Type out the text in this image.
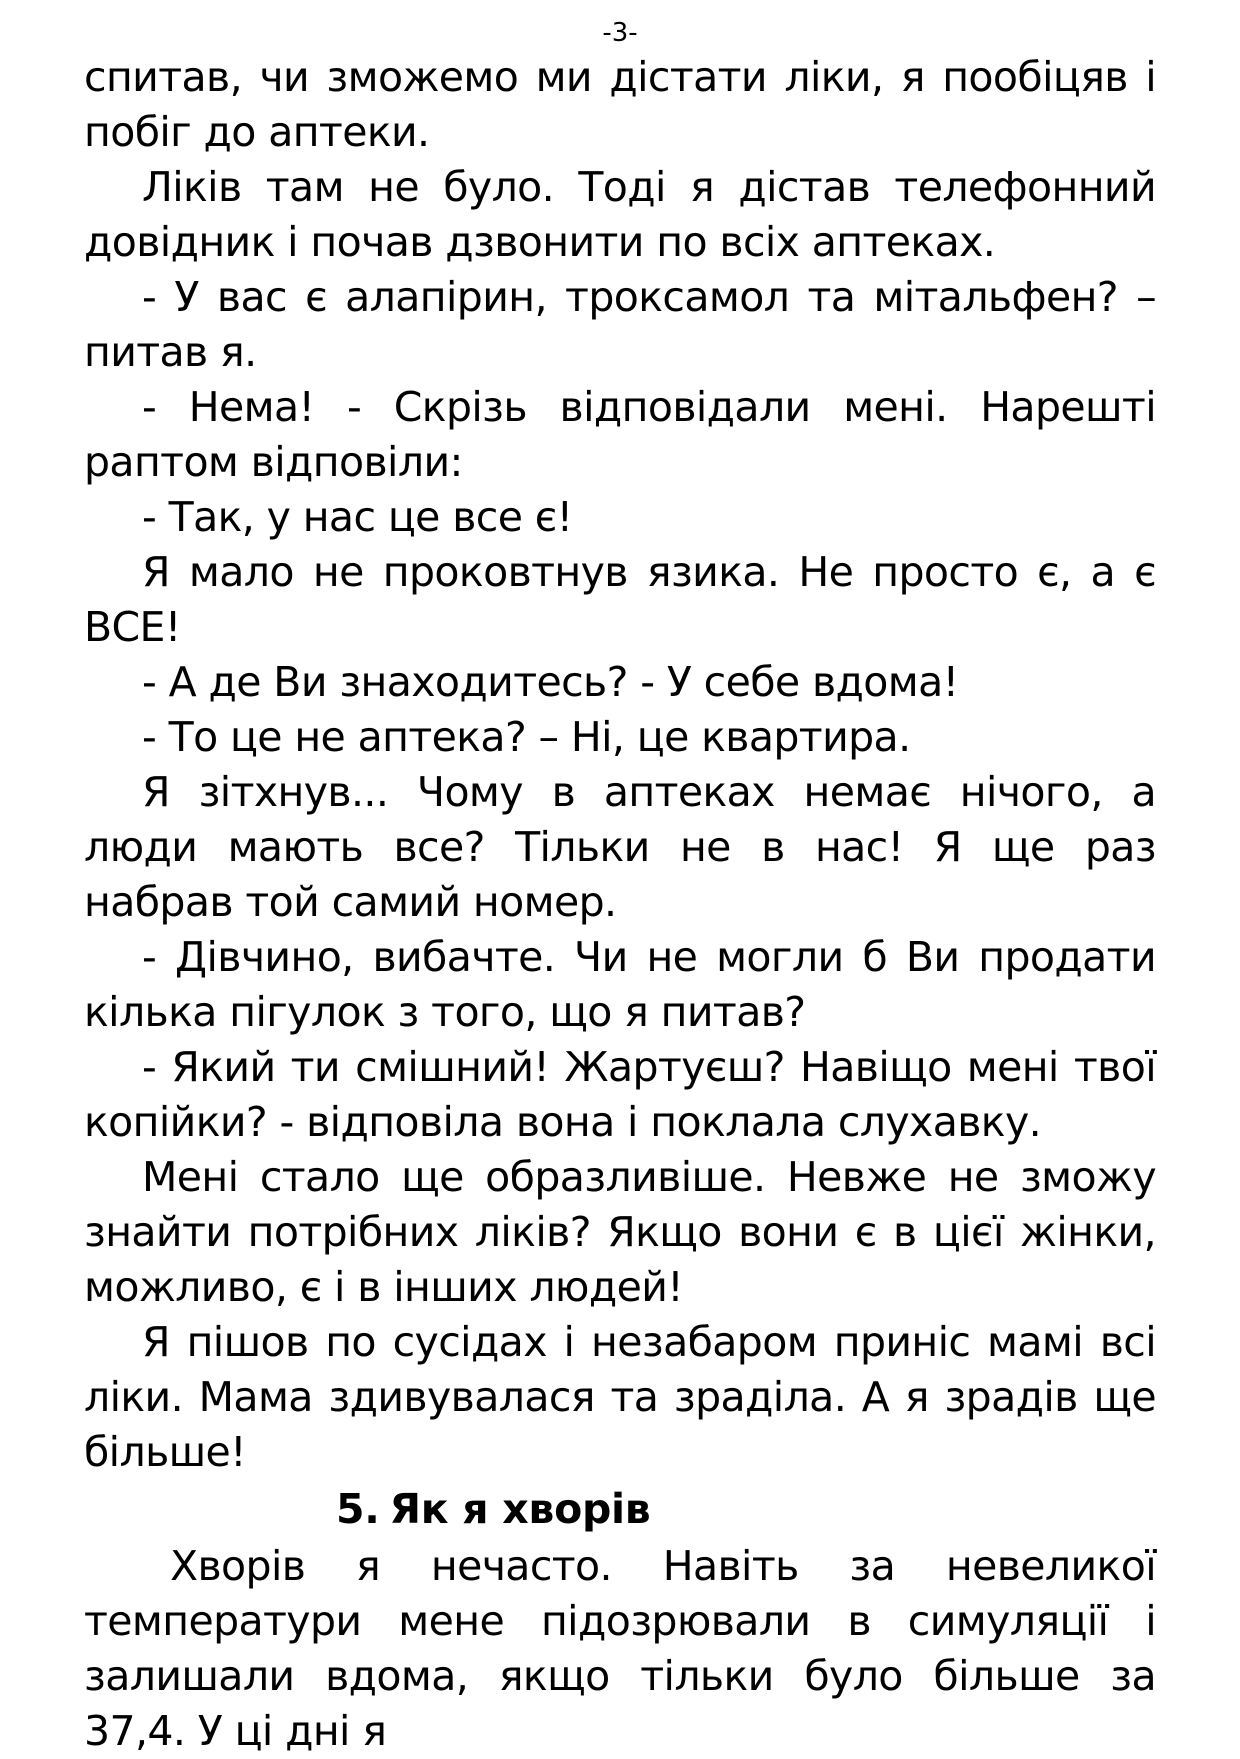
-3-

спитав, чи зможемо ми дістати ліки, я пообіцяв і побіг до аптеки.

Ліків там не було. Тоді я дістав телефонний довідник і почав дзвонити по всіх аптеках.

- У вас є алапірин, троксамол та мітальфен? – питав я.

- Нема! - Скрізь відповідали мені. Нарешті раптом відповіли:

- Так, у нас це все є!

Я мало не проковтнув язика. Не просто є, а є ВСЕ!

- А де Ви знаходитесь? - У себе вдома!

- То це не аптека? – Ні, це квартира.

Я зітхнув... Чому в аптеках немає нічого, а люди мають все? Тільки не в нас! Я ще раз набрав той самий номер.

- Дівчино, вибачте. Чи не могли б Ви продати кілька пігулок з того, що я питав?

- Який ти смішний! Жартуєш? Навіщо мені твої копійки? - відповіла вона і поклала слухавку.

Мені стало ще образливіше. Невже не зможу знайти потрібних ліків? Якщо вони є в цієї жінки, можливо, є і в інших людей!

Я пішов по сусідах і незабаром приніс мамі всі ліки. Мама здивувалася та зраділа. А я зрадів ще більше!

5. Як я хворів

Хворів я нечасто. Навіть за невеликої температури мене підозрювали в симуляції і залишали вдома, якщо тільки було більше за 37,4. У ці дні я
